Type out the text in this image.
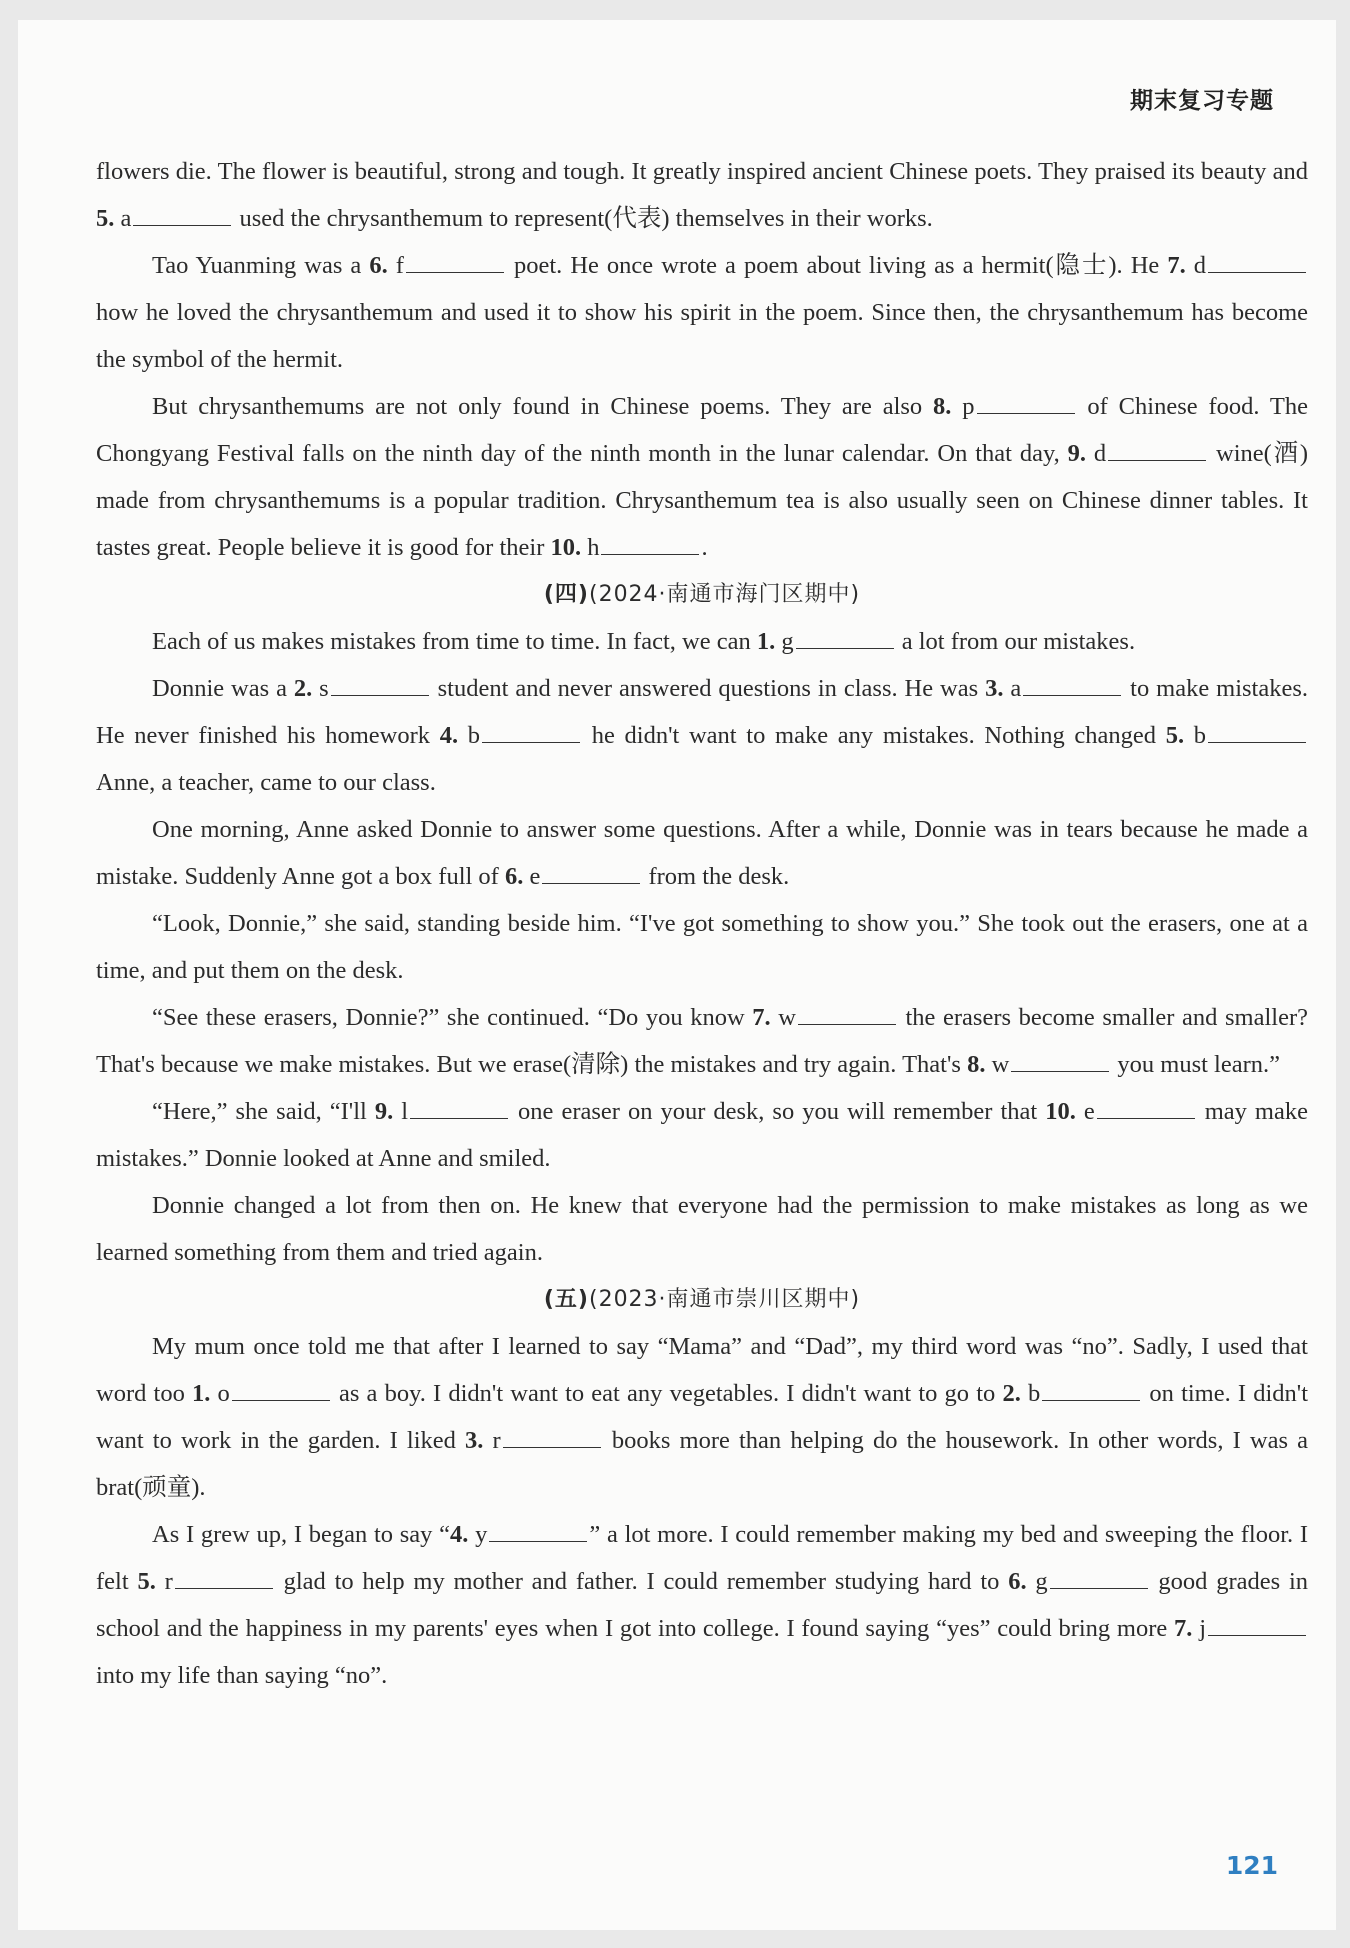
期末复习专题

flowers die. The flower is beautiful, strong and tough. It greatly inspired ancient Chinese poets. They praised its beauty and 5. a	used the chrysanthemum to represent(代表) themselves in their works.

Tao Yuanming was a 6. f	poet. He once wrote a poem about living as a hermit(隐士). He 7. d how he loved the chrysanthemum and used it to show his spirit in the poem. Since then, the chrysanthemum has become the symbol of the hermit.

But chrysanthemums are not only found in Chinese poems. They are also 8. p	of Chinese food. The Chongyang Festival falls on the ninth day of the ninth month in the lunar calendar. On that day, 9. d	wine(酒) made from chrysanthemums is a popular tradition. Chrysanthemum tea is also usually seen on Chinese dinner tables. It tastes great. People believe it is good for their 10. h	.

(四)(2024·南通市海门区期中)

Each of us makes mistakes from time to time. In fact, we can 1. g	a lot from our mistakes.

Donnie was a 2. s	student and never answered questions in class. He was 3. a	to make mistakes. He never finished his homework 4. b	he didn't want to make any mistakes. Nothing changed 5. b Anne, a teacher, came to our class.

One morning, Anne asked Donnie to answer some questions. After a while, Donnie was in tears because he made a mistake. Suddenly Anne got a box full of 6. e	from the desk.

“Look, Donnie,” she said, standing beside him. “I've got something to show you.” She took out the erasers, one at a time, and put them on the desk.

“See these erasers, Donnie?” she continued. “Do you know 7. w	the erasers become smaller and smaller? That's because we make mistakes. But we erase(清除) the mistakes and try again. That's 8. w	you must learn.”

“Here,” she said, “I'll 9. l	one eraser on your desk, so you will remember that 10. e	may make mistakes.” Donnie looked at Anne and smiled.

Donnie changed a lot from then on. He knew that everyone had the permission to make mistakes as long as we learned something from them and tried again.

(五)(2023·南通市崇川区期中)

My mum once told me that after I learned to say “Mama” and “Dad”, my third word was “no”. Sadly, I used that word too 1. o	as a boy. I didn't want to eat any vegetables. I didn't want to go to 2. b	on time. I didn't want to work in the garden. I liked 3. r	books more than helping do the housework. In other words, I was a brat(顽童).

As I grew up, I began to say “4. y	” a lot more. I could remember making my bed and sweeping the floor. I felt 5. r	glad to help my mother and father. I could remember studying hard to 6. g	good grades in school and the happiness in my parents' eyes when I got into college. I found saying “yes” could bring more 7. j into my life than saying “no”.

121
